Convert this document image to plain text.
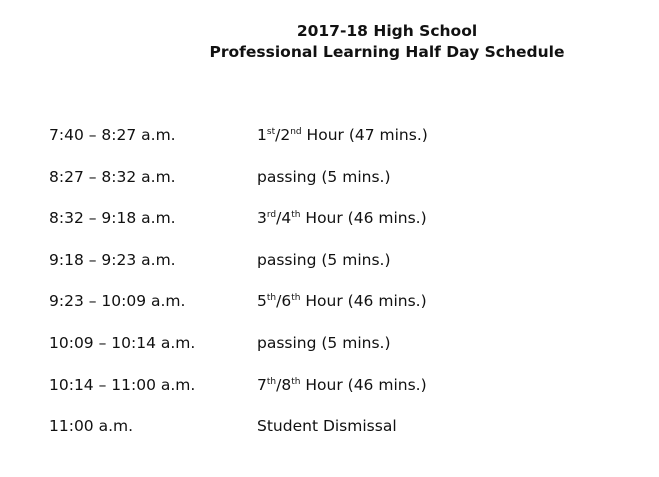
2017-18 High School
Professional Learning Half Day Schedule
7:40 – 8:27 a.m.	1st/2nd Hour (47 mins.)
8:27 – 8:32 a.m.	passing (5 mins.)
8:32 – 9:18 a.m.	3rd/4th Hour (46 mins.)
9:18 – 9:23 a.m.	passing (5 mins.)
9:23 – 10:09 a.m.	5th/6th Hour (46 mins.)
10:09 – 10:14 a.m.	passing (5 mins.)
10:14 – 11:00 a.m.	7th/8th Hour (46 mins.)
11:00 a.m.	Student Dismissal
